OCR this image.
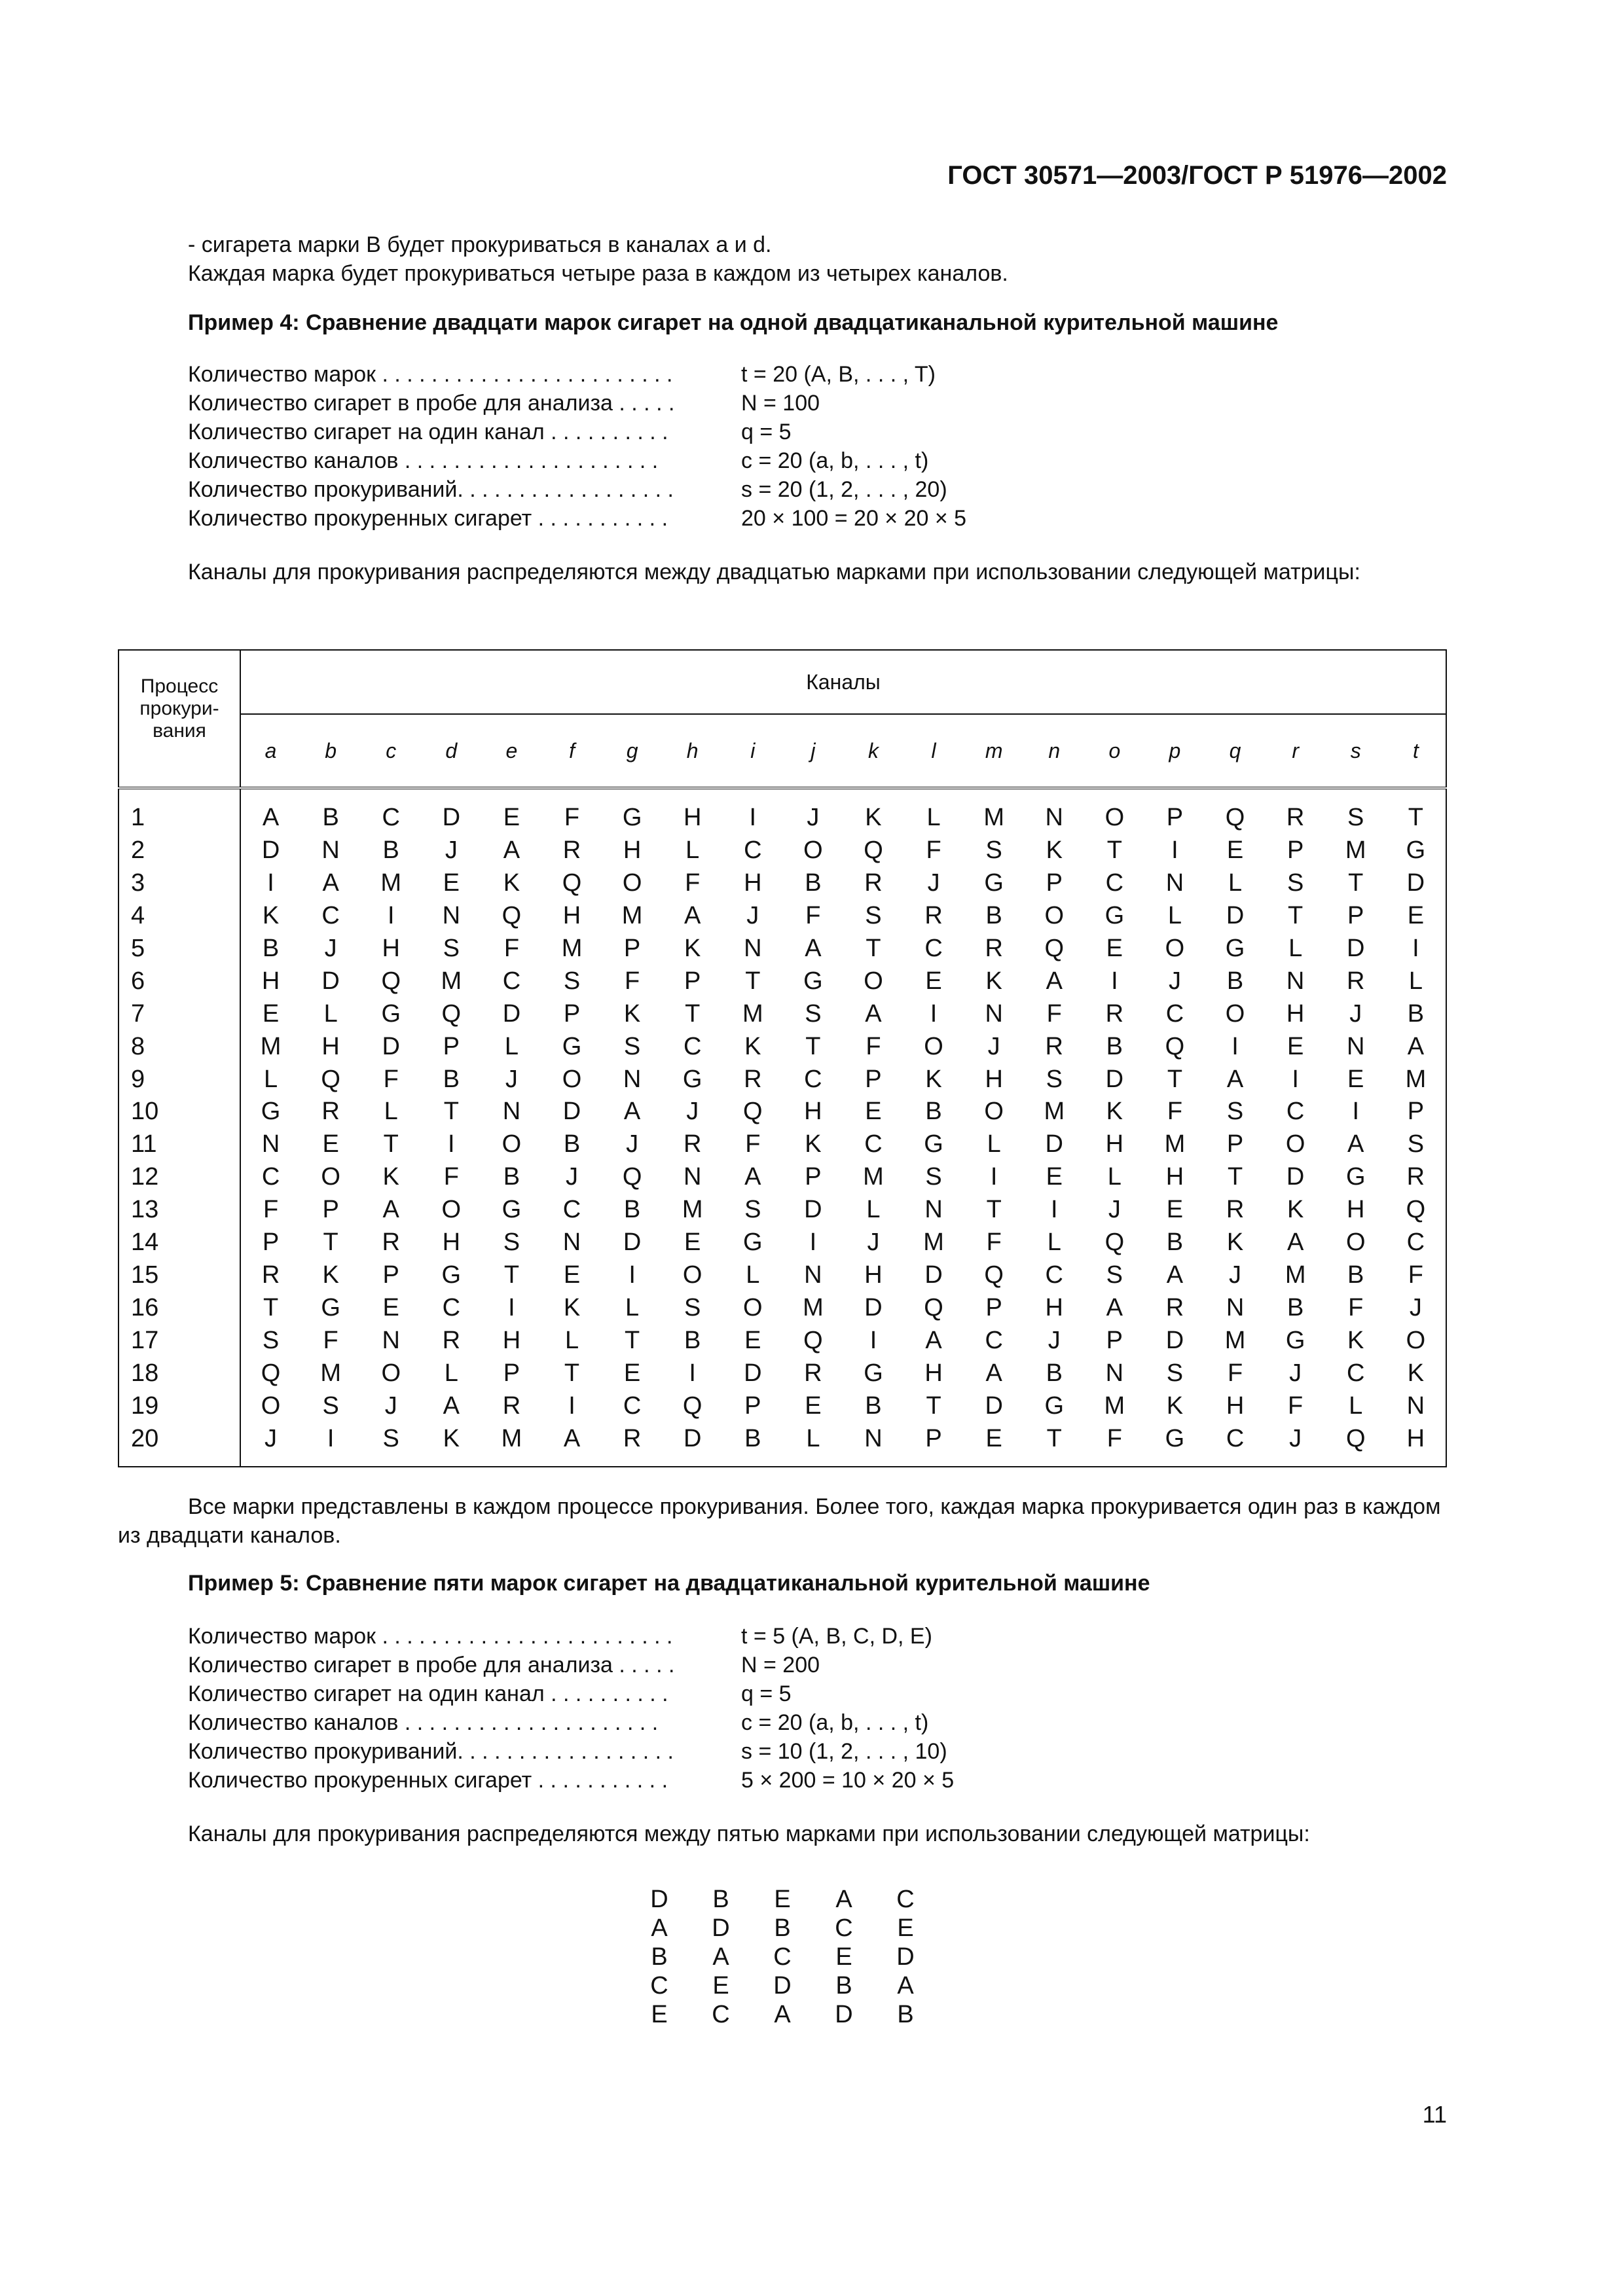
ГОСТ 30571—2003/ГОСТ Р 51976—2002
- сигарета марки В будет прокуриваться в каналах a и d.
Каждая марка будет прокуриваться четыре раза в каждом из четырех каналов.
Пример 4: Сравнение двадцати марок сигарет на одной двадцатиканальной курительной машине
Количество марок . . . . . . . . . . . . . . . . . . . . . . . .	t = 20 (A, B, . . . , T)
Количество сигарет в пробе для анализа . . . . .	N = 100
Количество сигарет на один канал . . . . . . . . . .	q = 5
Количество каналов . . . . . . . . . . . . . . . . . . . . .	c = 20 (a, b, . . . , t)
Количество прокуриваний. . . . . . . . . . . . . . . . . .	s = 20 (1, 2, . . . , 20)
Количество прокуренных сигарет . . . . . . . . . . .	20 × 100 = 20 × 20 × 5
Каналы для прокуривания распределяются между двадцатью марками при использовании следующей матрицы:
Процесс прокури-вания	Каналы																			
	a	b	c	d	e	f	g	h	i	j	k	l	m	n	o	p	q	r	s	t
1	A	B	C	D	E	F	G	H	I	J	K	L	M	N	O	P	Q	R	S	T
2	D	N	B	J	A	R	H	L	C	O	Q	F	S	K	T	I	E	P	M	G
3	I	A	M	E	K	Q	O	F	H	B	R	J	G	P	C	N	L	S	T	D
4	K	C	I	N	Q	H	M	A	J	F	S	R	B	O	G	L	D	T	P	E
5	B	J	H	S	F	M	P	K	N	A	T	C	R	Q	E	O	G	L	D	I
6	H	D	Q	M	C	S	F	P	T	G	O	E	K	A	I	J	B	N	R	L
7	E	L	G	Q	D	P	K	T	M	S	A	I	N	F	R	C	O	H	J	B
8	M	H	D	P	L	G	S	C	K	T	F	O	J	R	B	Q	I	E	N	A
9	L	Q	F	B	J	O	N	G	R	C	P	K	H	S	D	T	A	I	E	M
10	G	R	L	T	N	D	A	J	Q	H	E	B	O	M	K	F	S	C	I	P
11	N	E	T	I	O	B	J	R	F	K	C	G	L	D	H	M	P	O	A	S
12	C	O	K	F	B	J	Q	N	A	P	M	S	I	E	L	H	T	D	G	R
13	F	P	A	O	G	C	B	M	S	D	L	N	T	I	J	E	R	K	H	Q
14	P	T	R	H	S	N	D	E	G	I	J	M	F	L	Q	B	K	A	O	C
15	R	K	P	G	T	E	I	O	L	N	H	D	Q	C	S	A	J	M	B	F
16	T	G	E	C	I	K	L	S	O	M	D	Q	P	H	A	R	N	B	F	J
17	S	F	N	R	H	L	T	B	E	Q	I	A	C	J	P	D	M	G	K	O
18	Q	M	O	L	P	T	E	I	D	R	G	H	A	B	N	S	F	J	C	K
19	O	S	J	A	R	I	C	Q	P	E	B	T	D	G	M	K	H	F	L	N
20	J	I	S	K	M	A	R	D	B	L	N	P	E	T	F	G	C	J	Q	H
Все марки представлены в каждом процессе прокуривания. Более того, каждая марка прокуривается один раз в каждом из двадцати каналов.
Пример 5: Сравнение пяти марок сигарет на двадцатиканальной курительной машине
Количество марок . . . . . . . . . . . . . . . . . . . . . . . .	t = 5 (A, B, C, D, E)
Количество сигарет в пробе для анализа . . . . .	N = 200
Количество сигарет на один канал . . . . . . . . . .	q = 5
Количество каналов . . . . . . . . . . . . . . . . . . . . .	c = 20 (a, b, . . . , t)
Количество прокуриваний. . . . . . . . . . . . . . . . . .	s = 10 (1, 2, . . . , 10)
Количество прокуренных сигарет . . . . . . . . . . .	5 × 200 = 10 × 20 × 5
Каналы для прокуривания распределяются между пятью марками при использовании следующей матрицы:
D	B	E	A	C
A	D	B	C	E
B	A	C	E	D
C	E	D	B	A
E	C	A	D	B
11
